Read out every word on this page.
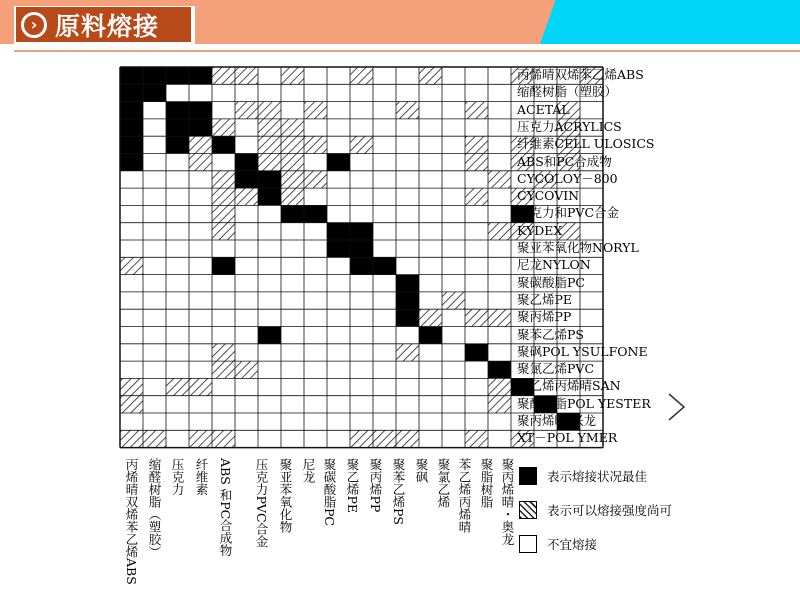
› 原料熔接
丙烯晴双烯苯乙烯ABS
缩醛树脂（塑胶）
ACETAL
压克力ACRYLICS
纤维素CELL ULOSICS
ABS和PC合成物
CYCOLOY－800
CYCOVIN
压克力和PVC合金
KYDEX
聚亚苯氧化物NORYL
尼龙NYLON
聚碳酸脂PC
聚乙烯PE
聚丙烯PP
聚苯乙烯PS
聚砜POL YSULFONE
聚氯乙烯PVC
苯乙烯丙烯晴SAN
聚酯树脂POL YESTER
聚丙烯晴.兴龙
XT－POL YMER
丙烯晴双烯苯乙烯ABS 缩醛树脂（塑胶） 压克力 纤维素 ABS 和PC合成物 压克力PVC合金 聚亚苯氧化物 尼龙 聚碳酸脂PC 聚乙烯PE 聚丙烯PP 聚苯乙烯PS 聚砜 聚氯乙烯 苯乙烯丙烯晴 聚脂树脂 聚丙烯晴・奥龙	表示熔接状况最佳
表示可以熔接强度尚可
不宜熔接
